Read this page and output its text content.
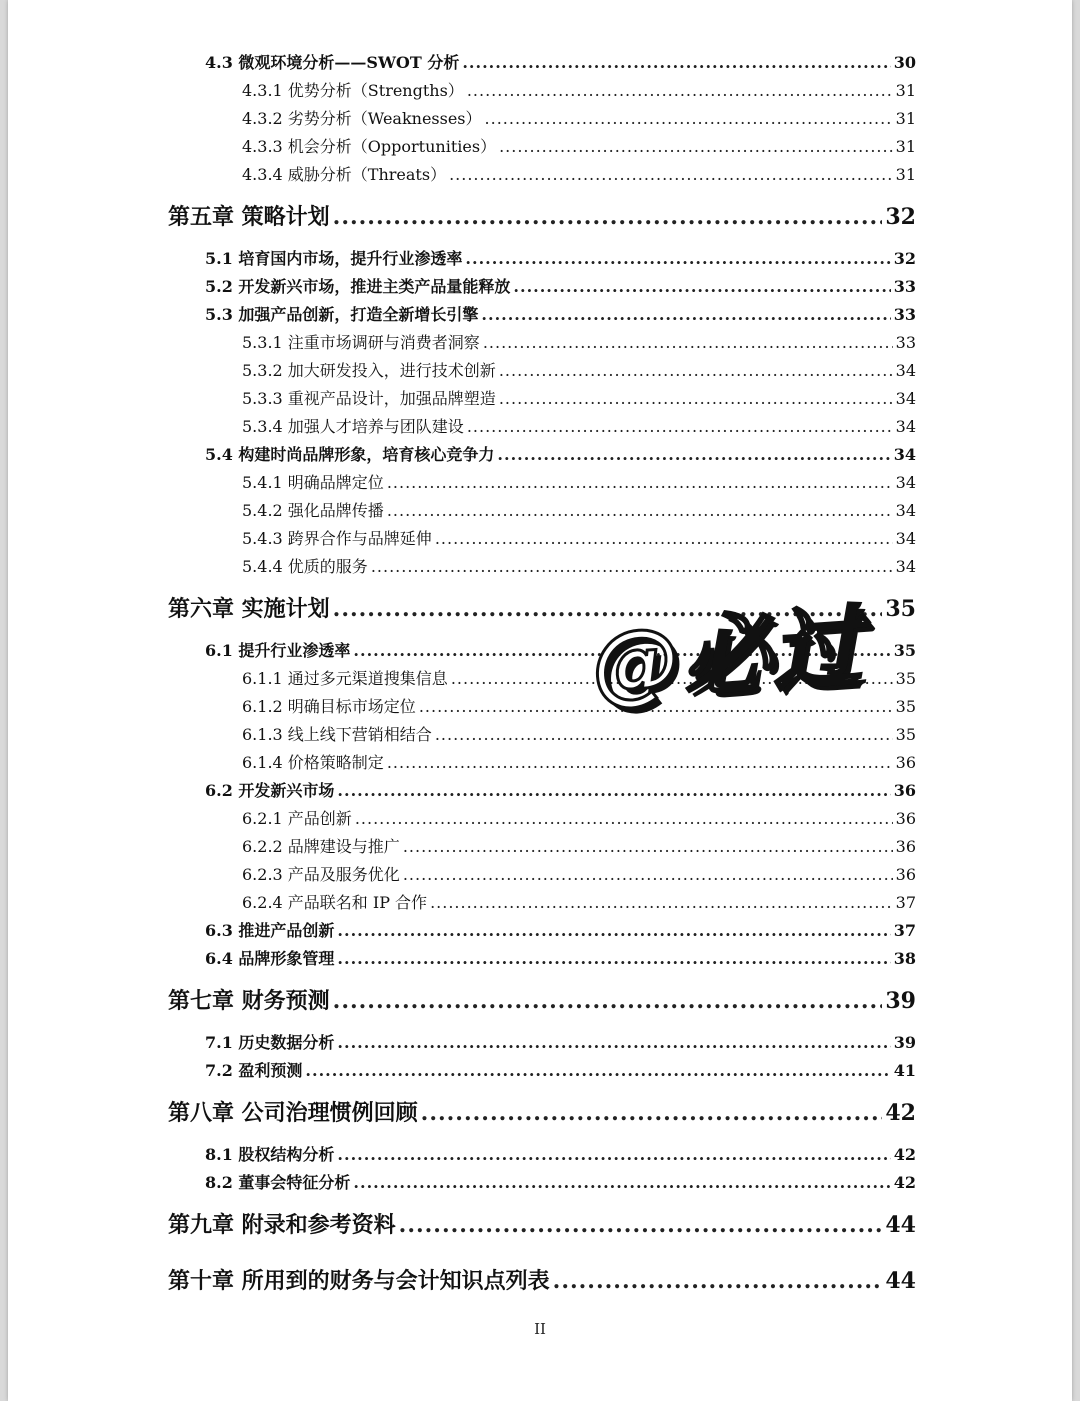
4.3 微观环境分析——SWOT 分析 .....	30
4.3.1 优势分析（Strengths） .....	31
4.3.2 劣势分析（Weaknesses） .....	31
4.3.3 机会分析（Opportunities） .....	31
4.3.4 威胁分析（Threats） .....	31
第五章 策略计划 .....	32
5.1 培育国内市场，提升行业渗透率 .....	32
5.2 开发新兴市场，推进主类产品量能释放 .....	33
5.3 加强产品创新，打造全新增长引擎 .....	33
5.3.1 注重市场调研与消费者洞察 .....	33
5.3.2 加大研发投入，进行技术创新 .....	34
5.3.3 重视产品设计，加强品牌塑造 .....	34
5.3.4 加强人才培养与团队建设 .....	34
5.4 构建时尚品牌形象，培育核心竞争力 .....	34
5.4.1 明确品牌定位 .....	34
5.4.2 强化品牌传播 .....	34
5.4.3 跨界合作与品牌延伸 .....	34
5.4.4 优质的服务 .....	34
第六章 实施计划 .....	35
6.1 提升行业渗透率 .....	35
6.1.1 通过多元渠道搜集信息 .....	35
6.1.2 明确目标市场定位 .....	35
6.1.3 线上线下营销相结合 .....	35
6.1.4 价格策略制定 .....	36
6.2 开发新兴市场 .....	36
6.2.1 产品创新 .....	36
6.2.2 品牌建设与推广 .....	36
6.2.3 产品及服务优化 .....	36
6.2.4 产品联名和 IP 合作 .....	37
6.3 推进产品创新 .....	37
6.4 品牌形象管理 .....	38
第七章 财务预测 .....	39
7.1 历史数据分析 .....	39
7.2 盈利预测 .....	41
第八章 公司治理惯例回顾 .....	42
8.1 股权结构分析 .....	42
8.2 董事会特征分析 .....	42
第九章 附录和参考资料 .....	44
第十章 所用到的财务与会计知识点列表 .....	44
II
@必过
